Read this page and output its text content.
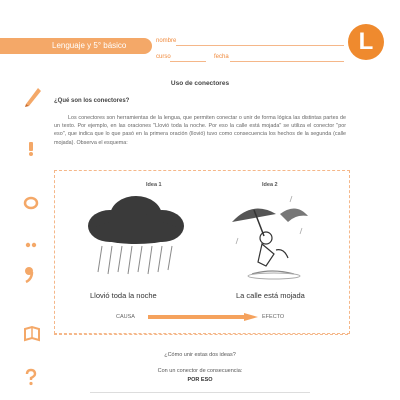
Lenguaje y 5° básico	nombre
curso	fecha
L
Uso de conectores
¿Qué son los conectores?
Los conectores son herramientas de la lengua, que permiten conectar o unir de forma lógica las distintas partes de un texto. Por ejemplo, en las oraciones "Llovió toda la noche. Por eso la calle está mojada" se utiliza el conector "por eso", que indica que lo que pasó en la primera oración (llovió) tuvo como consecuencia los hechos de la segunda (calle mojada). Observa el esquema:
Idea 1	Idea 2
Llovió toda la noche	La calle está mojada
CAUSA	EFECTO
¿Cómo unir estas dos ideas?
Con un conector de consecuencia:
POR ESO
